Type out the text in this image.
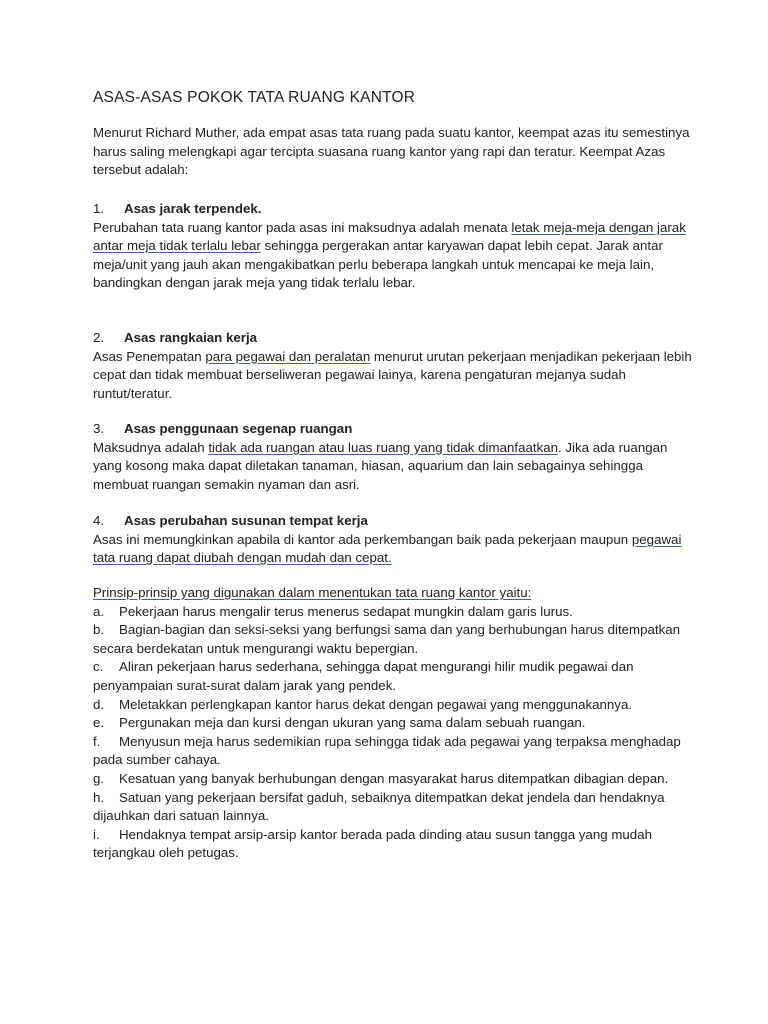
ASAS-ASAS POKOK TATA RUANG KANTOR

Menurut Richard Muther, ada empat asas tata ruang pada suatu kantor, keempat azas itu semestinya harus saling melengkapi agar tercipta suasana ruang kantor yang rapi dan teratur. Keempat Azas tersebut adalah:

1. Asas jarak terpendek.

Perubahan tata ruang kantor pada asas ini maksudnya adalah menata letak meja-meja dengan jarak antar meja tidak terlalu lebar sehingga pergerakan antar karyawan dapat lebih cepat. Jarak antar meja/unit yang jauh akan mengakibatkan perlu beberapa langkah untuk mencapai ke meja lain, bandingkan dengan jarak meja yang tidak terlalu lebar.

2. Asas rangkaian kerja

Asas Penempatan para pegawai dan peralatan menurut urutan pekerjaan menjadikan pekerjaan lebih cepat dan tidak membuat berseliweran pegawai lainya, karena pengaturan mejanya sudah runtut/teratur.

3. Asas penggunaan segenap ruangan

Maksudnya adalah tidak ada ruangan atau luas ruang yang tidak dimanfaatkan. Jika ada ruangan yang kosong maka dapat diletakan tanaman, hiasan, aquarium dan lain sebagainya sehingga membuat ruangan semakin nyaman dan asri.

4. Asas perubahan susunan tempat kerja

Asas ini memungkinkan apabila di kantor ada perkembangan baik pada pekerjaan maupun pegawai tata ruang dapat diubah dengan mudah dan cepat.

Prinsip-prinsip yang digunakan dalam menentukan tata ruang kantor yaitu:
a. Pekerjaan harus mengalir terus menerus sedapat mungkin dalam garis lurus.
b. Bagian-bagian dan seksi-seksi yang berfungsi sama dan yang berhubungan harus ditempatkan secara berdekatan untuk mengurangi waktu bepergian.
c. Aliran pekerjaan harus sederhana, sehingga dapat mengurangi hilir mudik pegawai dan penyampaian surat-surat dalam jarak yang pendek.
d. Meletakkan perlengkapan kantor harus dekat dengan pegawai yang menggunakannya.
e. Pergunakan meja dan kursi dengan ukuran yang sama dalam sebuah ruangan.
f. Menyusun meja harus sedemikian rupa sehingga tidak ada pegawai yang terpaksa menghadap pada sumber cahaya.
g. Kesatuan yang banyak berhubungan dengan masyarakat harus ditempatkan dibagian depan.
h. Satuan yang pekerjaan bersifat gaduh, sebaiknya ditempatkan dekat jendela dan hendaknya dijauhkan dari satuan lainnya.
i. Hendaknya tempat arsip-arsip kantor berada pada dinding atau susun tangga yang mudah terjangkau oleh petugas.
